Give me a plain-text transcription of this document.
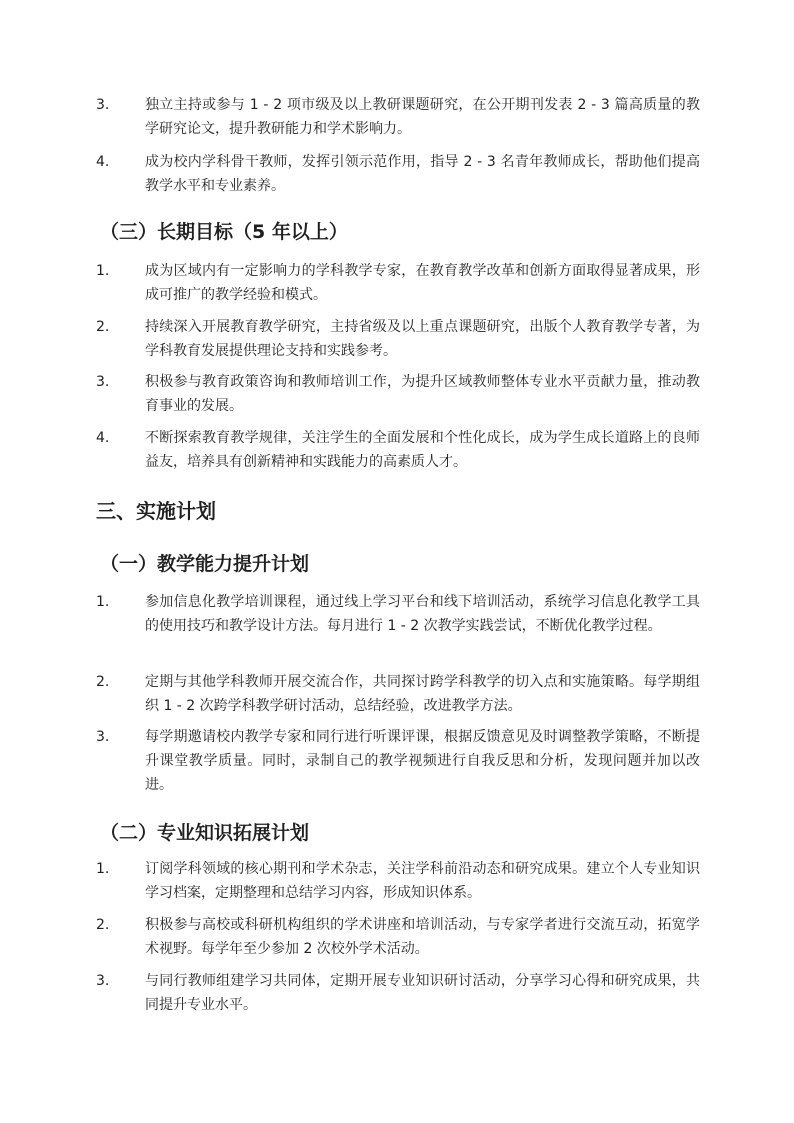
3.	独立主持或参与 1 - 2 项市级及以上教研课题研究，在公开期刊发表 2 - 3 篇高质量的教学研究论文，提升教研能力和学术影响力。
4.	成为校内学科骨干教师，发挥引领示范作用，指导 2 - 3 名青年教师成长，帮助他们提高教学水平和专业素养。
（三）长期目标（5 年以上）
1.	成为区域内有一定影响力的学科教学专家，在教育教学改革和创新方面取得显著成果，形成可推广的教学经验和模式。
2.	持续深入开展教育教学研究，主持省级及以上重点课题研究，出版个人教育教学专著，为学科教育发展提供理论支持和实践参考。
3.	积极参与教育政策咨询和教师培训工作，为提升区域教师整体专业水平贡献力量，推动教育事业的发展。
4.	不断探索教育教学规律，关注学生的全面发展和个性化成长，成为学生成长道路上的良师益友，培养具有创新精神和实践能力的高素质人才。
三、实施计划
（一）教学能力提升计划
1.	参加信息化教学培训课程，通过线上学习平台和线下培训活动，系统学习信息化教学工具的使用技巧和教学设计方法。每月进行 1 - 2 次教学实践尝试，不断优化教学过程。
2.	定期与其他学科教师开展交流合作，共同探讨跨学科教学的切入点和实施策略。每学期组织 1 - 2 次跨学科教学研讨活动，总结经验，改进教学方法。
3.	每学期邀请校内教学专家和同行进行听课评课，根据反馈意见及时调整教学策略，不断提升课堂教学质量。同时，录制自己的教学视频进行自我反思和分析，发现问题并加以改进。
（二）专业知识拓展计划
1.	订阅学科领域的核心期刊和学术杂志，关注学科前沿动态和研究成果。建立个人专业知识学习档案，定期整理和总结学习内容，形成知识体系。
2.	积极参与高校或科研机构组织的学术讲座和培训活动，与专家学者进行交流互动，拓宽学术视野。每学年至少参加 2 次校外学术活动。
3.	与同行教师组建学习共同体，定期开展专业知识研讨活动，分享学习心得和研究成果，共同提升专业水平。
